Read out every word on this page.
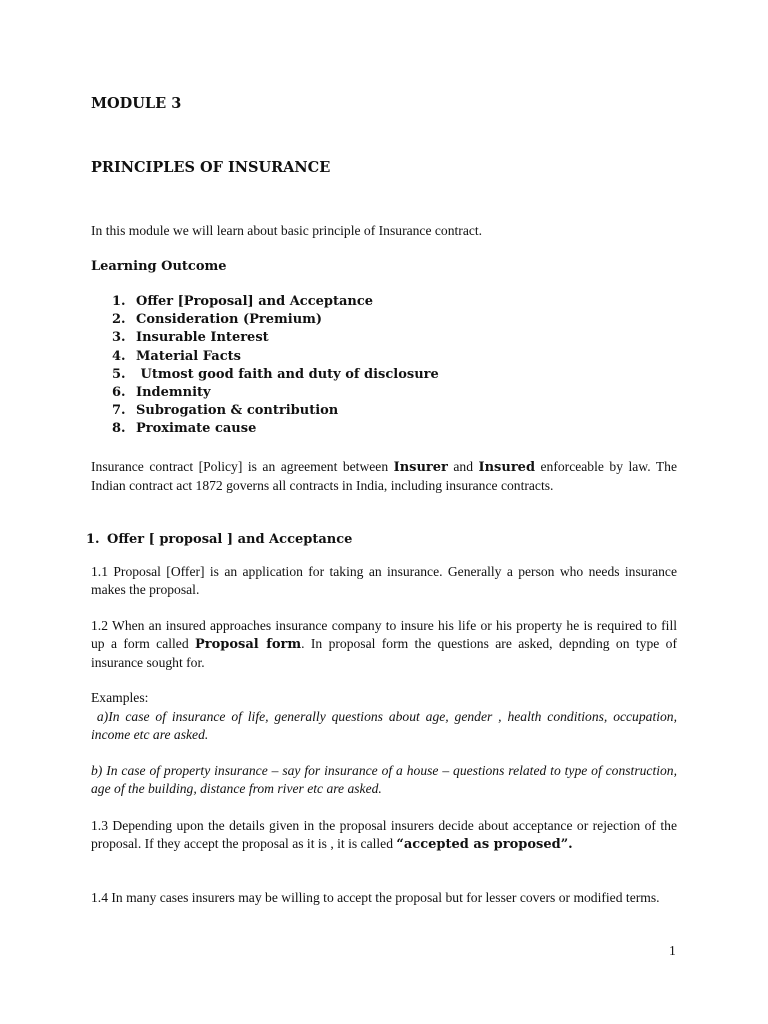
MODULE 3
PRINCIPLES OF INSURANCE

In this module we will learn about basic principle of Insurance contract.

Learning Outcome

1. Offer [Proposal] and Acceptance
2. Consideration (Premium)
3. Insurable Interest
4. Material Facts
5. Utmost good faith and duty of disclosure
6. Indemnity
7. Subrogation & contribution
8. Proximate cause

Insurance contract [Policy] is an agreement between Insurer and Insured enforceable by law. The Indian contract act 1872 governs all contracts in India, including insurance contracts.

1. Offer [ proposal ] and Acceptance

1.1 Proposal [Offer] is an application for taking an insurance. Generally a person who needs insurance makes the proposal.

1.2 When an insured approaches insurance company to insure his life or his property he is required to fill up a form called Proposal form. In proposal form the questions are asked, depnding on type of insurance sought for.

Examples:

a)In case of insurance of life, generally questions about age, gender , health conditions, occupation, income etc are asked.

b) In case of property insurance – say for insurance of a house – questions related to type of construction, age of the building, distance from river etc are asked.

1.3 Depending upon the details given in the proposal insurers decide about acceptance or rejection of the proposal. If they accept the proposal as it is , it is called “accepted as proposed”.

1.4 In many cases insurers may be willing to accept the proposal but for lesser covers or modified terms.

1
